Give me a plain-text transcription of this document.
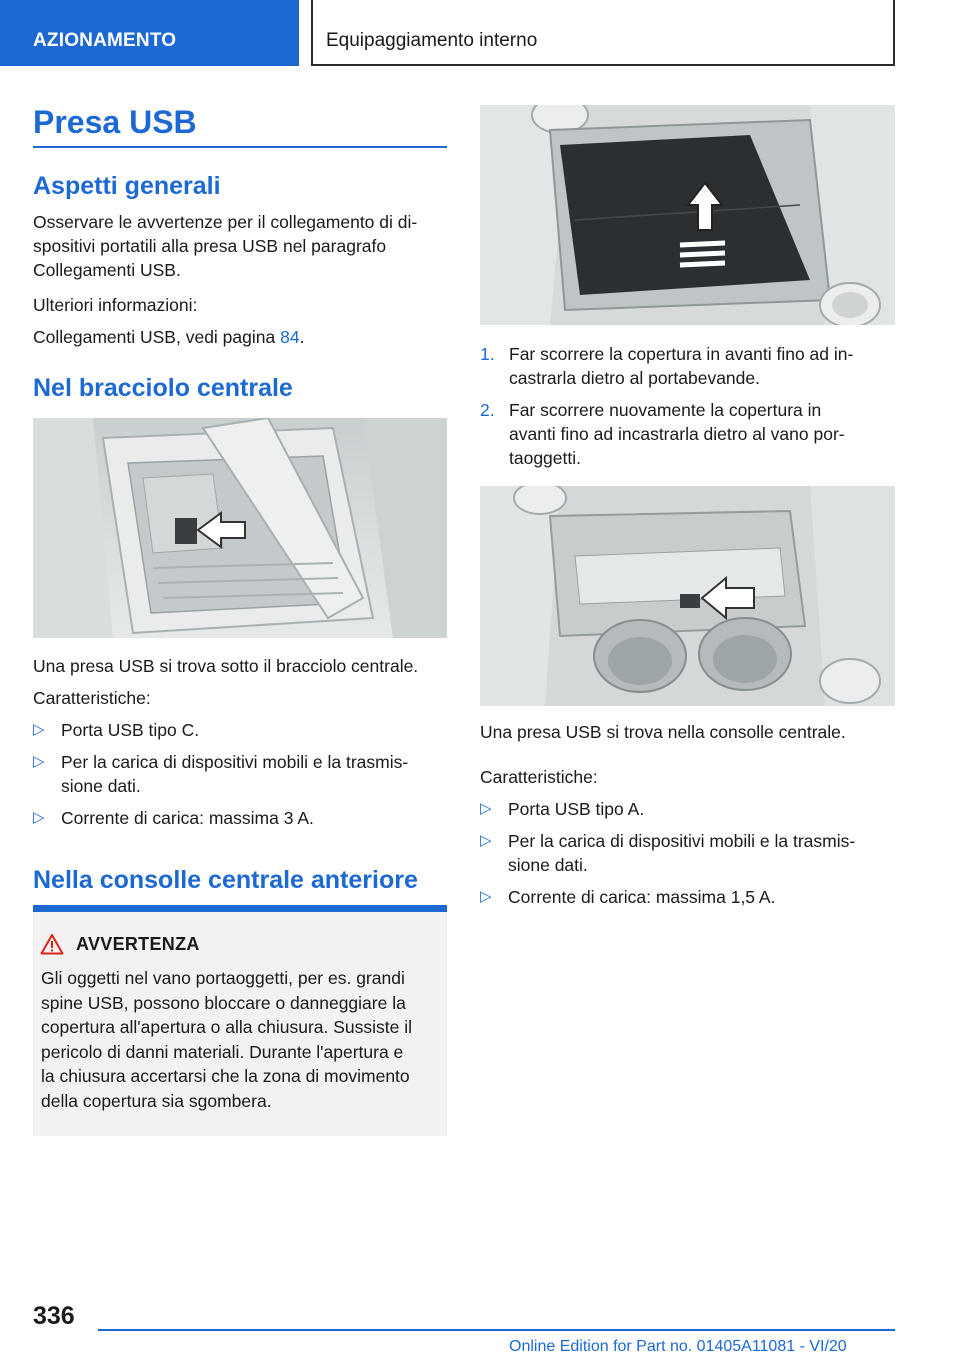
AZIONAMENTO	Equipaggiamento interno
Presa USB
Aspetti generali
Osservare le avvertenze per il collegamento di di-
spositivi portatili alla presa USB nel paragrafo
Collegamenti USB.
Ulteriori informazioni:
Collegamenti USB, vedi pagina 84.
Nel bracciolo centrale
Una presa USB si trova sotto il bracciolo centrale.
Caratteristiche:
▷ Porta USB tipo C.
▷ Per la carica di dispositivi mobili e la trasmis-
sione dati.
▷ Corrente di carica: massima 3 A.
Nella consolle centrale anteriore
AVVERTENZA
Gli oggetti nel vano portaoggetti, per es. grandi
spine USB, possono bloccare o danneggiare la
copertura all'apertura o alla chiusura. Sussiste il
pericolo di danni materiali. Durante l'apertura e
la chiusura accertarsi che la zona di movimento
della copertura sia sgombera.
1. Far scorrere la copertura in avanti fino ad in-
castrarla dietro al portabevande.
2. Far scorrere nuovamente la copertura in
avanti fino ad incastrarla dietro al vano por-
taoggetti.
Una presa USB si trova nella consolle centrale.
Caratteristiche:
▷ Porta USB tipo A.
▷ Per la carica di dispositivi mobili e la trasmis-
sione dati.
▷ Corrente di carica: massima 1,5 A.
336
Online Edition for Part no. 01405A11081 - VI/20
